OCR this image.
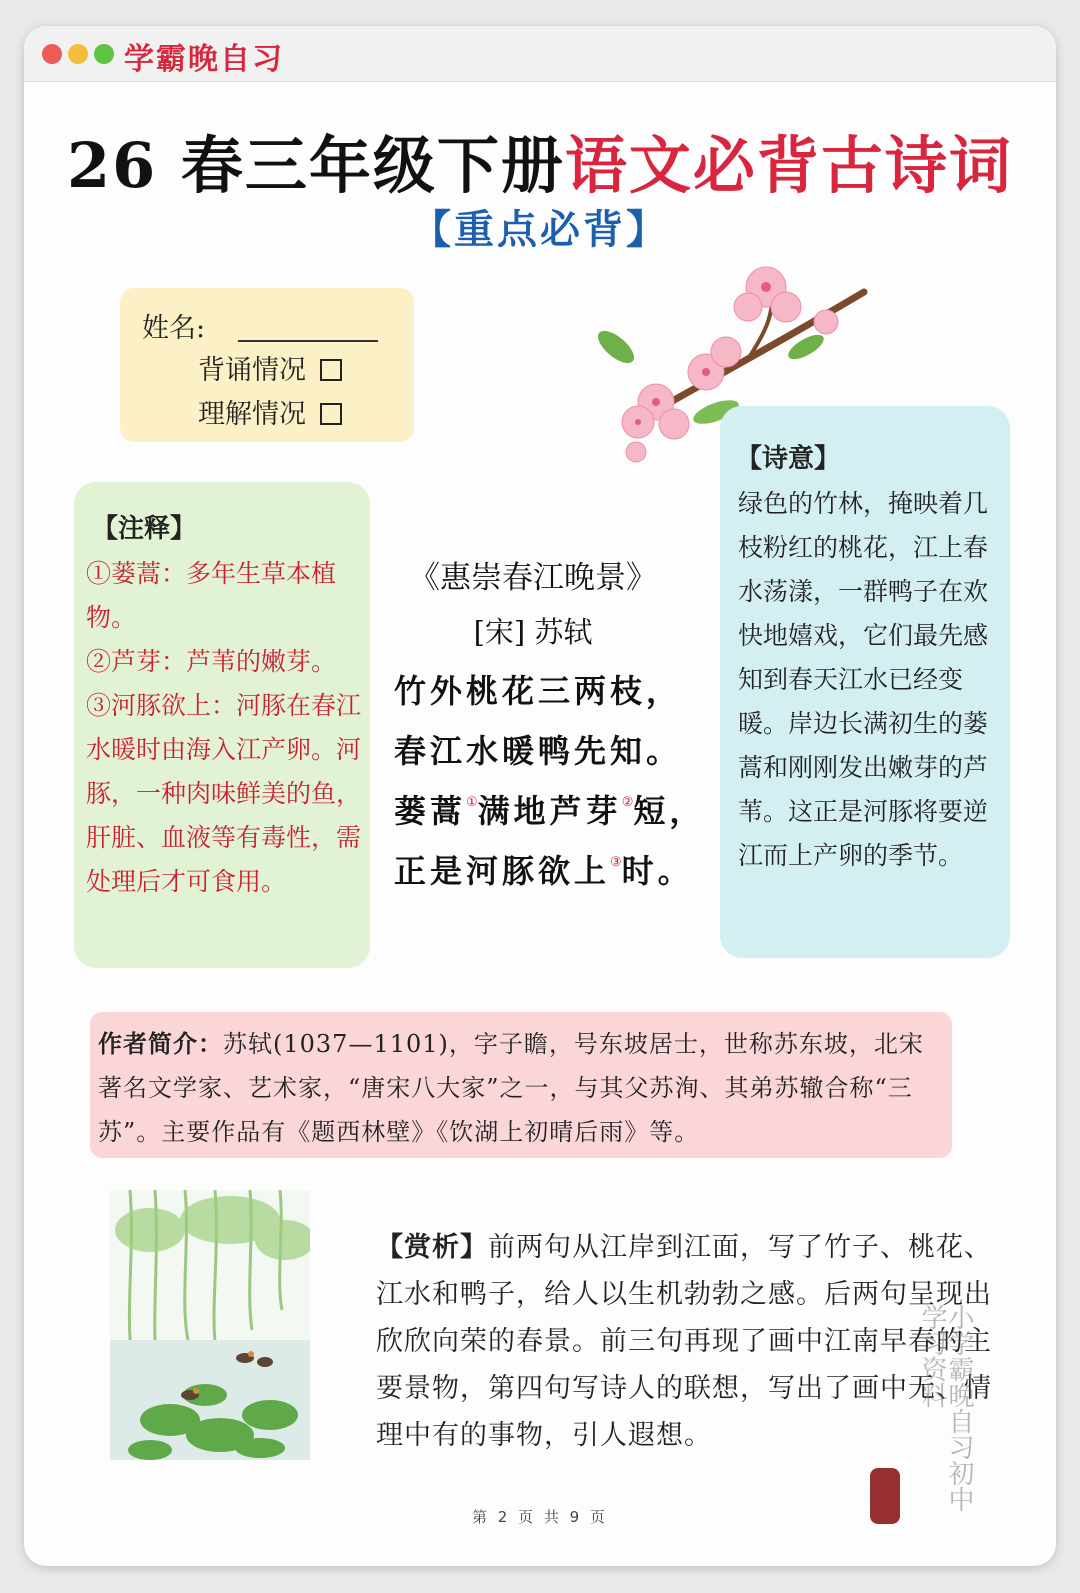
学霸晚自习
26 春三年级下册语文必背古诗词
【重点必背】
姓名:
背诵情况
理解情况
【注释】
①蒌蒿：多年生草本植物。
②芦芽：芦苇的嫩芽。
③河豚欲上：河豚在春江水暖时由海入江产卵。河豚，一种肉味鲜美的鱼，肝脏、血液等有毒性，需处理后才可食用。
《惠崇春江晚景》
[宋] 苏轼
竹外桃花三两枝，
春江水暖鸭先知。
蒌蒿①满地芦芽②短，
正是河豚欲上③时。
【诗意】
绿色的竹林，掩映着几枝粉红的桃花，江上春水荡漾，一群鸭子在欢快地嬉戏，它们最先感知到春天江水已经变暖。岸边长满初生的蒌蒿和刚刚发出嫩芽的芦苇。这正是河豚将要逆江而上产卵的季节。
作者简介：苏轼(1037—1101)，字子瞻，号东坡居士，世称苏东坡，北宋著名文学家、艺术家，“唐宋八大家”之一，与其父苏洵、其弟苏辙合称“三苏”。主要作品有《题西林壁》《饮湖上初晴后雨》等。
【赏析】前两句从江岸到江面，写了竹子、桃花、江水和鸭子，给人以生机勃勃之感。后两句呈现出欣欣向荣的春景。前三句再现了画中江南早春的主要景物，第四句写诗人的联想，写出了画中无、情理中有的事物，引人遐想。	小学霸晚自习初中学习资料
第 2 页 共 9 页
